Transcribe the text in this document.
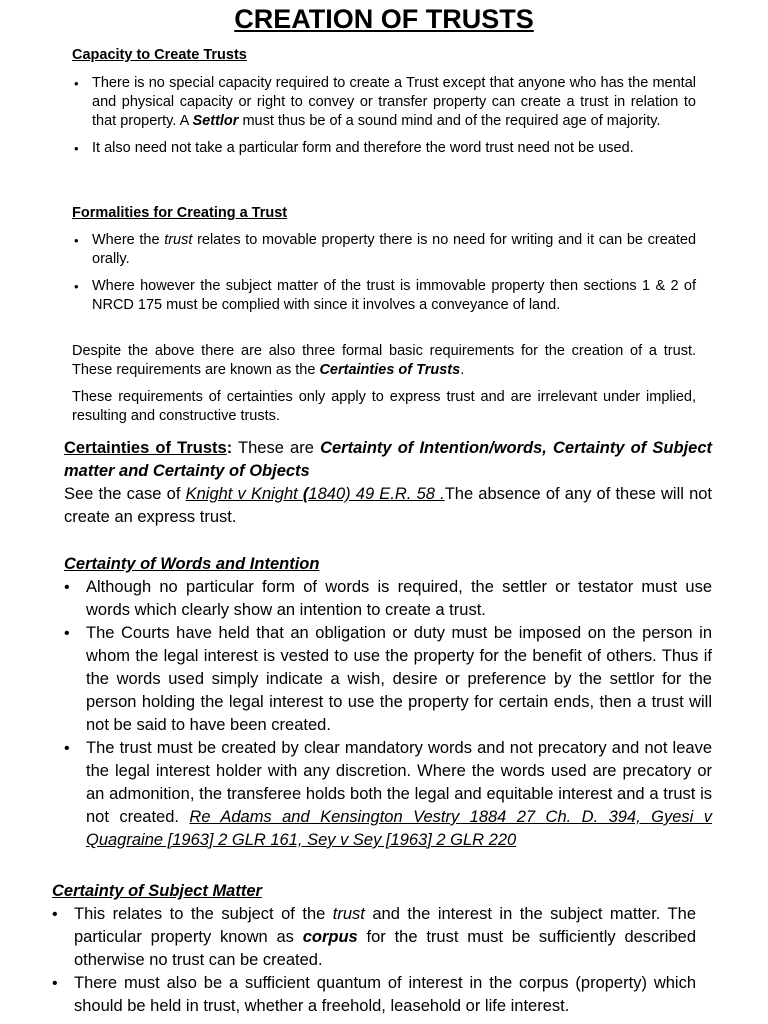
CREATION OF TRUSTS
Capacity to Create Trusts
• There is no special capacity required to create a Trust except that anyone who has the mental and physical capacity or right to convey or transfer property can create a trust in relation to that property. A Settlor must thus be of a sound mind and of the required age of majority.
• It also need not take a particular form and therefore the word trust need not be used.
Formalities for Creating a Trust
• Where the trust relates to movable property there is no need for writing and it can be created orally.
• Where however the subject matter of the trust is immovable property then sections 1 & 2 of NRCD 175 must be complied with since it involves a conveyance of land.

Despite the above there are also three formal basic requirements for the creation of a trust. These requirements are known as the Certainties of Trusts.

These requirements of certainties only apply to express trust and are irrelevant under implied, resulting and constructive trusts.

Certainties of Trusts: These are Certainty of Intention/words, Certainty of Subject matter and Certainty of Objects
See the case of Knight v Knight (1840) 49 E.R. 58 .The absence of any of these will not create an express trust.

Certainty of Words and Intention
• Although no particular form of words is required, the settler or testator must use words which clearly show an intention to create a trust.
• The Courts have held that an obligation or duty must be imposed on the person in whom the legal interest is vested to use the property for the benefit of others. Thus if the words used simply indicate a wish, desire or preference by the settlor for the person holding the legal interest to use the property for certain ends, then a trust will not be said to have been created.
• The trust must be created by clear mandatory words and not precatory and not leave the legal interest holder with any discretion. Where the words used are precatory or an admonition, the transferee holds both the legal and equitable interest and a trust is not created. Re Adams and Kensington Vestry 1884 27 Ch. D. 394, Gyesi v Quagraine [1963] 2 GLR 161, Sey v Sey [1963] 2 GLR 220
Certainty of Subject Matter
• This relates to the subject of the trust and the interest in the subject matter. The particular property known as corpus for the trust must be sufficiently described otherwise no trust can be created.
• There must also be a sufficient quantum of interest in the corpus (property) which should be held in trust, whether a freehold, leasehold or life interest.
